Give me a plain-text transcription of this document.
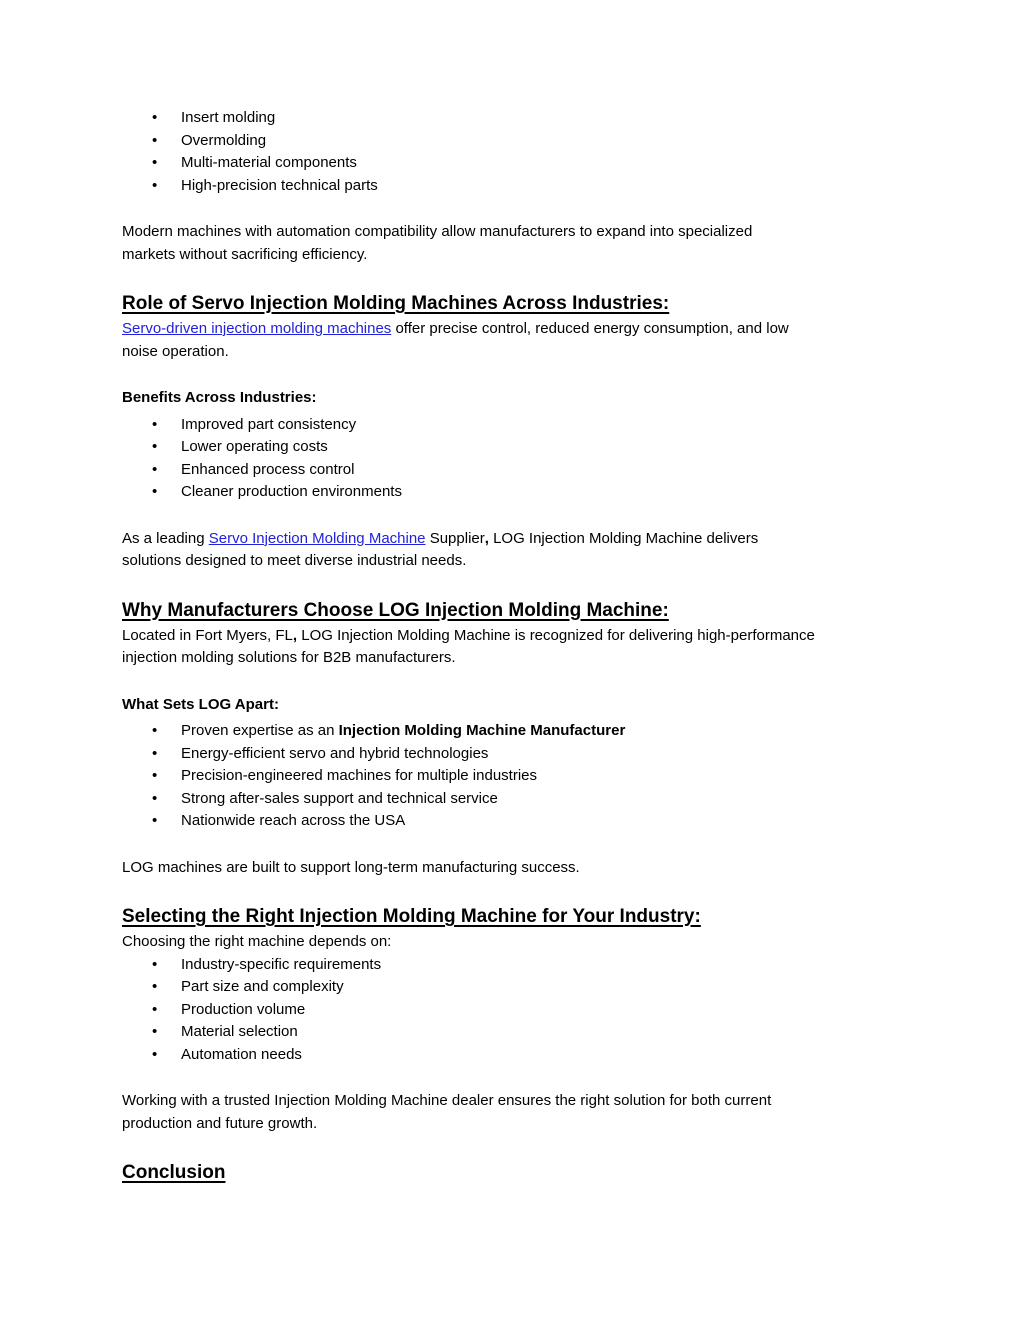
• Insert molding
• Overmolding
• Multi-material components
• High-precision technical parts

Modern machines with automation compatibility allow manufacturers to expand into specialized
markets without sacrificing efficiency.

Role of Servo Injection Molding Machines Across Industries:

Servo-driven injection molding machines offer precise control, reduced energy consumption, and low
noise operation.

Benefits Across Industries:
• Improved part consistency
• Lower operating costs
• Enhanced process control
• Cleaner production environments

As a leading Servo Injection Molding Machine Supplier, LOG Injection Molding Machine delivers
solutions designed to meet diverse industrial needs.

Why Manufacturers Choose LOG Injection Molding Machine:

Located in Fort Myers, FL, LOG Injection Molding Machine is recognized for delivering high-performance
injection molding solutions for B2B manufacturers.

What Sets LOG Apart:
• Proven expertise as an Injection Molding Machine Manufacturer
• Energy-efficient servo and hybrid technologies
• Precision-engineered machines for multiple industries
• Strong after-sales support and technical service
• Nationwide reach across the USA

LOG machines are built to support long-term manufacturing success.

Selecting the Right Injection Molding Machine for Your Industry:

Choosing the right machine depends on:

• Industry-specific requirements
• Part size and complexity
• Production volume
• Material selection
• Automation needs

Working with a trusted Injection Molding Machine dealer ensures the right solution for both current
production and future growth.

Conclusion
